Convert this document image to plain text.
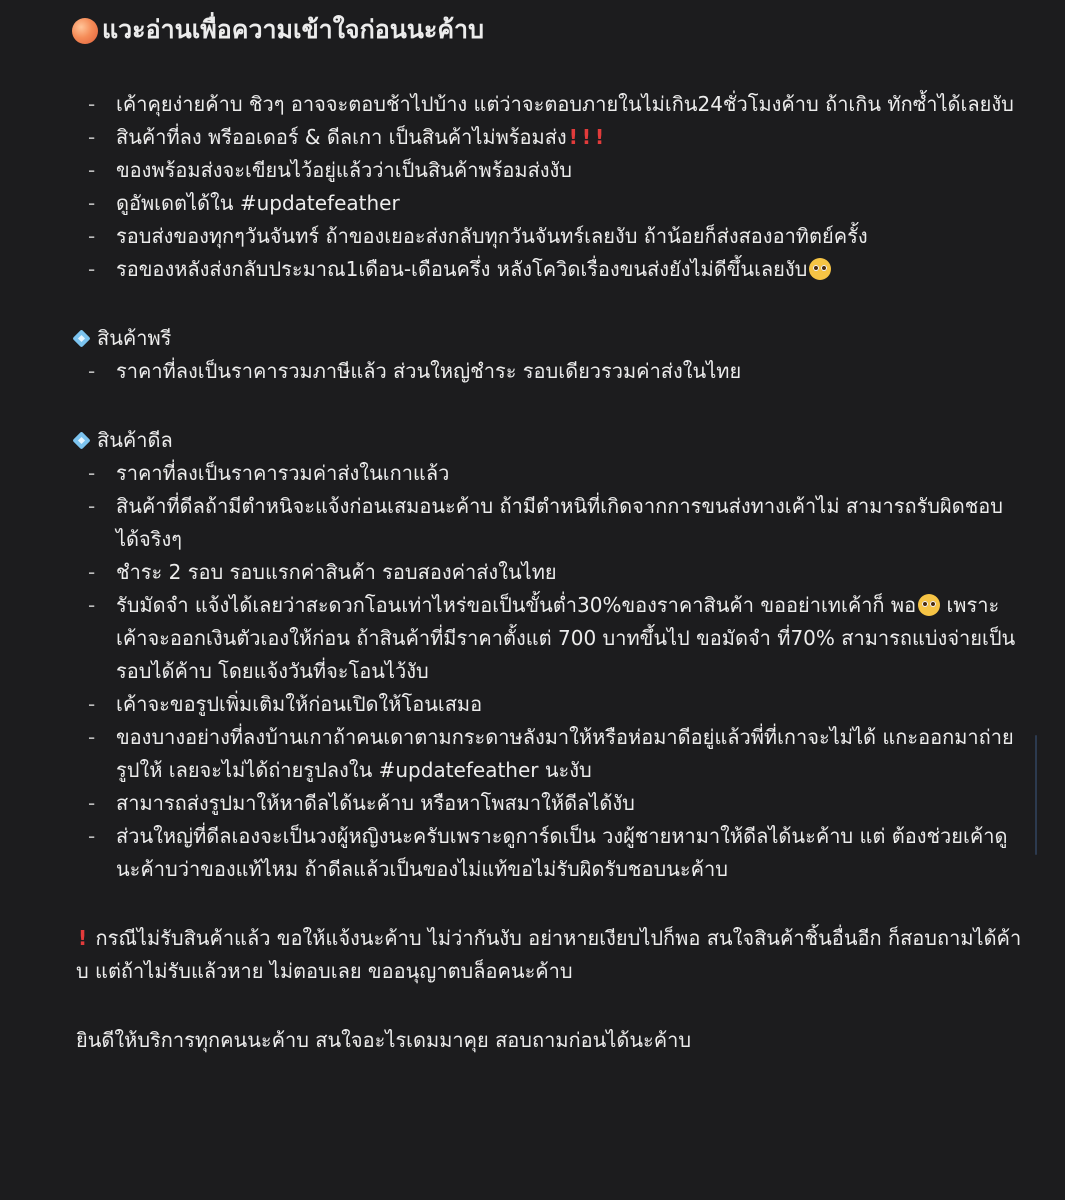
แวะอ่านเพื่อความเข้าใจก่อนนะค้าบ
- เค้าคุยง่ายค้าบ ชิวๆ อาจจะตอบช้าไปบ้าง แต่ว่าจะตอบภายในไม่เกิน24ชั่วโมงค้าบ ถ้าเกิน ทักซ้ำได้เลยงับ
- สินค้าที่ลง พรีออเดอร์ & ดีลเกา เป็นสินค้าไม่พร้อมส่ง ! ! !
- ของพร้อมส่งจะเขียนไว้อยู่แล้วว่าเป็นสินค้าพร้อมส่งงับ
- ดูอัพเดตได้ใน #updatefeather
- รอบส่งของทุกๆวันจันทร์ ถ้าของเยอะส่งกลับทุกวันจันทร์เลยงับ ถ้าน้อยก็ส่งสองอาทิตย์ครั้ง
- รอของหลังส่งกลับประมาณ1เดือน-เดือนครึ่ง หลังโควิดเรื่องขนส่งยังไม่ดีขึ้นเลยงับ
สินค้าพรี
- ราคาที่ลงเป็นราคารวมภาษีแล้ว ส่วนใหญ่ชำระ รอบเดียวรวมค่าส่งในไทย
สินค้าดีล
- ราคาที่ลงเป็นราคารวมค่าส่งในเกาแล้ว
- สินค้าที่ดีลถ้ามีตำหนิจะแจ้งก่อนเสมอนะค้าบ ถ้ามีตำหนิที่เกิดจากการขนส่งทางเค้าไม่ สามารถรับผิดชอบได้จริงๆ
- ชำระ 2 รอบ รอบแรกค่าสินค้า รอบสองค่าส่งในไทย
- รับมัดจำ แจ้งได้เลยว่าสะดวกโอนเท่าไหร่ขอเป็นขั้นต่ำ30%ของราคาสินค้า ขออย่าเทเค้าก็ พอ เพราะเค้าจะออกเงินตัวเองให้ก่อน ถ้าสินค้าที่มีราคาตั้งแต่ 700 บาทขึ้นไป ขอมัดจำ ที่70% สามารถแบ่งจ่ายเป็นรอบได้ค้าบ โดยแจ้งวันที่จะโอนไว้งับ
- เค้าจะขอรูปเพิ่มเติมให้ก่อนเปิดให้โอนเสมอ
- ของบางอย่างที่ลงบ้านเกาถ้าคนเดาตามกระดาษลังมาให้หรือห่อมาดีอยู่แล้วพี่ที่เกาจะไม่ได้ แกะออกมาถ่ายรูปให้ เลยจะไม่ได้ถ่ายรูปลงใน #updatefeather นะงับ
- สามารถส่งรูปมาให้หาดีลได้นะค้าบ หรือหาโพสมาให้ดีลได้งับ
- ส่วนใหญ่ที่ดีลเองจะเป็นวงผู้หญิงนะครับเพราะดูการ์ดเป็น วงผู้ชายหามาให้ดีลได้นะค้าบ แต่ ต้องช่วยเค้าดูนะค้าบว่าของแท้ไหม ถ้าดีลแล้วเป็นของไม่แท้ขอไม่รับผิดรับชอบนะค้าบ
! กรณีไม่รับสินค้าแล้ว ขอให้แจ้งนะค้าบ ไม่ว่ากันงับ อย่าหายเงียบไปก็พอ สนใจสินค้าชิ้นอื่นอีก ก็สอบถามได้ค้าบ แต่ถ้าไม่รับแล้วหาย ไม่ตอบเลย ขออนุญาตบล็อคนะค้าบ
ยินดีให้บริการทุกคนนะค้าบ สนใจอะไรเดมมาคุย สอบถามก่อนได้นะค้าบ
